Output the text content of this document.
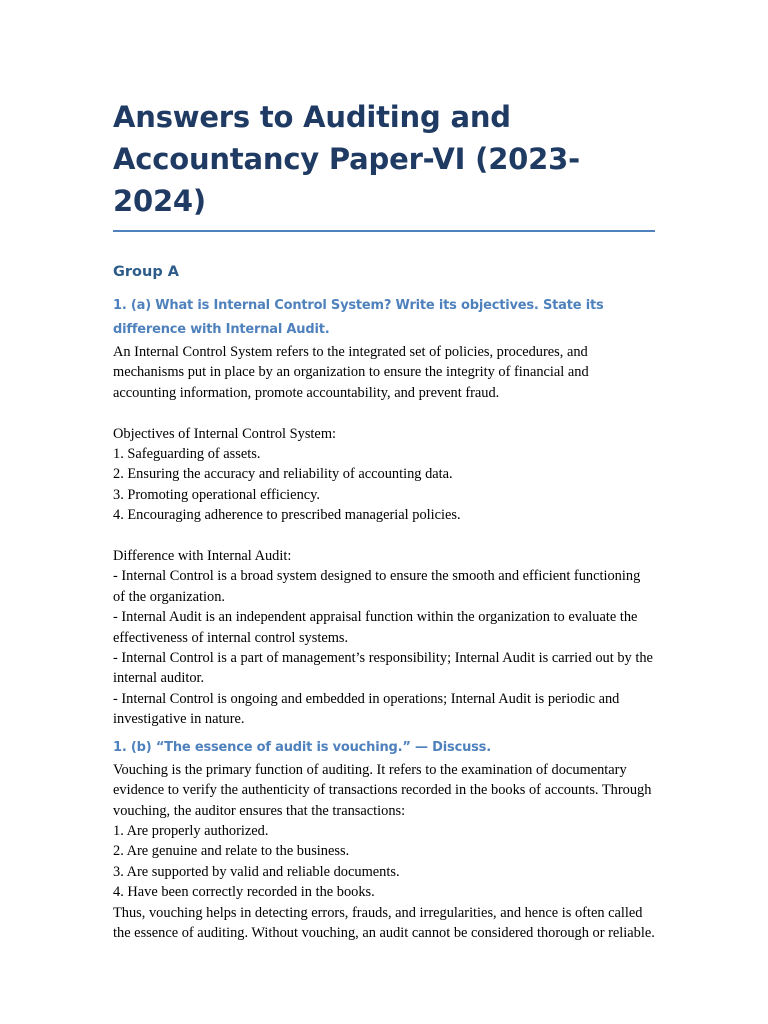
Answers to Auditing and Accountancy Paper-VI (2023-2024)
Group A
1. (a) What is Internal Control System? Write its objectives. State its difference with Internal Audit.

An Internal Control System refers to the integrated set of policies, procedures, and mechanisms put in place by an organization to ensure the integrity of financial and accounting information, promote accountability, and prevent fraud.

Objectives of Internal Control System:
1. Safeguarding of assets.
2. Ensuring the accuracy and reliability of accounting data.
3. Promoting operational efficiency.
4. Encouraging adherence to prescribed managerial policies.
Difference with Internal Audit:
- Internal Control is a broad system designed to ensure the smooth and efficient functioning of the organization.
- Internal Audit is an independent appraisal function within the organization to evaluate the effectiveness of internal control systems.
- Internal Control is a part of management’s responsibility; Internal Audit is carried out by the internal auditor.
- Internal Control is ongoing and embedded in operations; Internal Audit is periodic and investigative in nature.
1. (b) “The essence of audit is vouching.” — Discuss.
Vouching is the primary function of auditing. It refers to the examination of documentary evidence to verify the authenticity of transactions recorded in the books of accounts. Through vouching, the auditor ensures that the transactions:
1. Are properly authorized.
2. Are genuine and relate to the business.
3. Are supported by valid and reliable documents.
4. Have been correctly recorded in the books.
Thus, vouching helps in detecting errors, frauds, and irregularities, and hence is often called the essence of auditing. Without vouching, an audit cannot be considered thorough or reliable.
